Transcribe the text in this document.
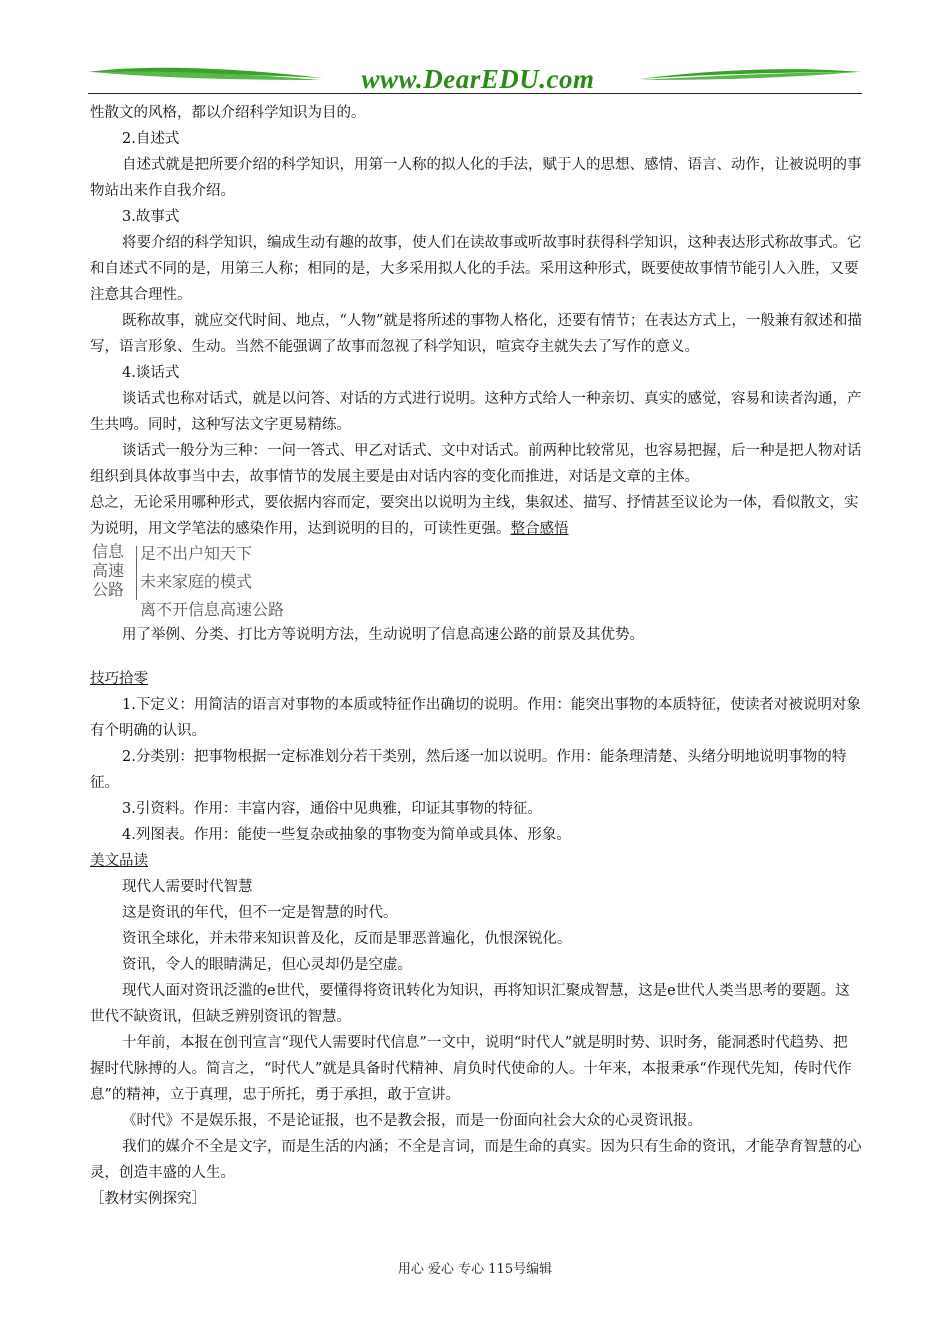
www.DearEDU.com

性散文的风格，都以介绍科学知识为目的。

2.自述式

自述式就是把所要介绍的科学知识，用第一人称的拟人化的手法，赋于人的思想、感情、语言、动作，让被说明的事物站出来作自我介绍。

3.故事式

将要介绍的科学知识，编成生动有趣的故事，使人们在读故事或听故事时获得科学知识，这种表达形式称故事式。它和自述式不同的是，用第三人称；相同的是，大多采用拟人化的手法。采用这种形式，既要使故事情节能引人入胜，又要注意其合理性。

既称故事，就应交代时间、地点，“人物”就是将所述的事物人格化，还要有情节；在表达方式上，一般兼有叙述和描写，语言形象、生动。当然不能强调了故事而忽视了科学知识，喧宾夺主就失去了写作的意义。

4.谈话式

谈话式也称对话式，就是以问答、对话的方式进行说明。这种方式给人一种亲切、真实的感觉，容易和读者沟通，产生共鸣。同时，这种写法文字更易精练。

谈话式一般分为三种：一问一答式、甲乙对话式、文中对话式。前两种比较常见，也容易把握，后一种是把人物对话组织到具体故事当中去，故事情节的发展主要是由对话内容的变化而推进，对话是文章的主体。

总之，无论采用哪种形式，要依据内容而定，要突出以说明为主线，集叙述、描写、抒情甚至议论为一体，看似散文，实为说明，用文学笔法的感染作用，达到说明的目的，可读性更强。整合感悟

信息
高速
公路
足不出户知天下
未来家庭的模式
离不开信息高速公路

用了举例、分类、打比方等说明方法，生动说明了信息高速公路的前景及其优势。

技巧拾零

1.下定义：用简洁的语言对事物的本质或特征作出确切的说明。作用：能突出事物的本质特征，使读者对被说明对象有个明确的认识。

2.分类别：把事物根据一定标准划分若干类别，然后逐一加以说明。作用：能条理清楚、头绪分明地说明事物的特征。

3.引资料。作用：丰富内容，通俗中见典雅，印证其事物的特征。

4.列图表。作用：能使一些复杂或抽象的事物变为简单或具体、形象。

美文品读

现代人需要时代智慧

这是资讯的年代，但不一定是智慧的时代。

资讯全球化，并未带来知识普及化，反而是罪恶普遍化，仇恨深锐化。

资讯，令人的眼睛满足，但心灵却仍是空虚。

现代人面对资讯泛滥的e世代，要懂得将资讯转化为知识，再将知识汇聚成智慧，这是e世代人类当思考的要题。这世代不缺资讯，但缺乏辨别资讯的智慧。

十年前，本报在创刊宣言“现代人需要时代信息”一文中，说明“时代人”就是明时势、识时务，能洞悉时代趋势、把握时代脉搏的人。简言之，“时代人”就是具备时代精神、肩负时代使命的人。十年来，本报秉承“作现代先知，传时代作息”的精神，立于真理，忠于所托，勇于承担，敢于宣讲。

《时代》不是娱乐报，不是论证报，也不是教会报，而是一份面向社会大众的心灵资讯报。

我们的媒介不全是文字，而是生活的内涵；不全是言词，而是生命的真实。因为只有生命的资讯，才能孕育智慧的心灵，创造丰盛的人生。

［教材实例探究］

用心 爱心 专心 115号编辑
